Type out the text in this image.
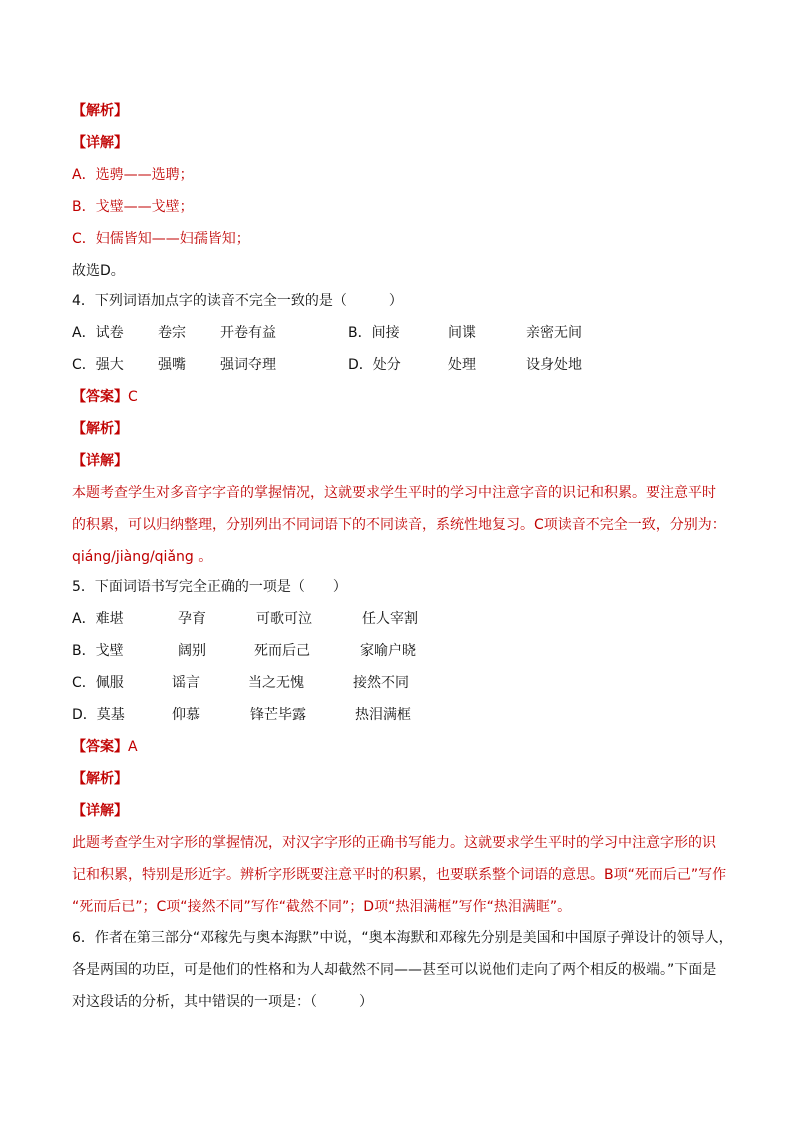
【解析】
【详解】
A．选骋——选聘；
B．戈璧——戈壁；
C．妇儒皆知——妇孺皆知；
故选D。
4．下列词语加点字的读音不完全一致的是（　　　）
A．试卷 卷宗 开卷有益	B．间接	间谍	亲密无间
C．强大 强嘴 强词夺理	D．处分	处理	设身处地
【答案】C
【解析】
【详解】
本题考查学生对多音字字音的掌握情况，这就要求学生平时的学习中注意字音的识记和积累。要注意平时
的积累，可以归纳整理，分别列出不同词语下的不同读音，系统性地复习。C项读音不完全一致，分别为：
qiáng/jiàng/qiǎng 。
5．下面词语书写完全正确的一项是（　　）
A．难堪	孕育	可歌可泣	任人宰割
B．戈壁	阔别	死而后己	家喻户晓
C．佩服	谣言	当之无愧	接然不同
D．莫基	仰慕	锋芒毕露	热泪满框
【答案】A
【解析】
【详解】
此题考查学生对字形的掌握情况，对汉字字形的正确书写能力。这就要求学生平时的学习中注意字形的识
记和积累，特别是形近字。辨析字形既要注意平时的积累，也要联系整个词语的意思。B项“死而后己”写作
“死而后已”；C项“接然不同”写作“截然不同”；D项“热泪满框”写作“热泪满眶”。
6．作者在第三部分“邓稼先与奥本海默”中说，“奥本海默和邓稼先分别是美国和中国原子弹设计的领导人，
各是两国的功臣，可是他们的性格和为人却截然不同——甚至可以说他们走向了两个相反的极端。”下面是
对这段话的分析，其中错误的一项是：（　　　）
